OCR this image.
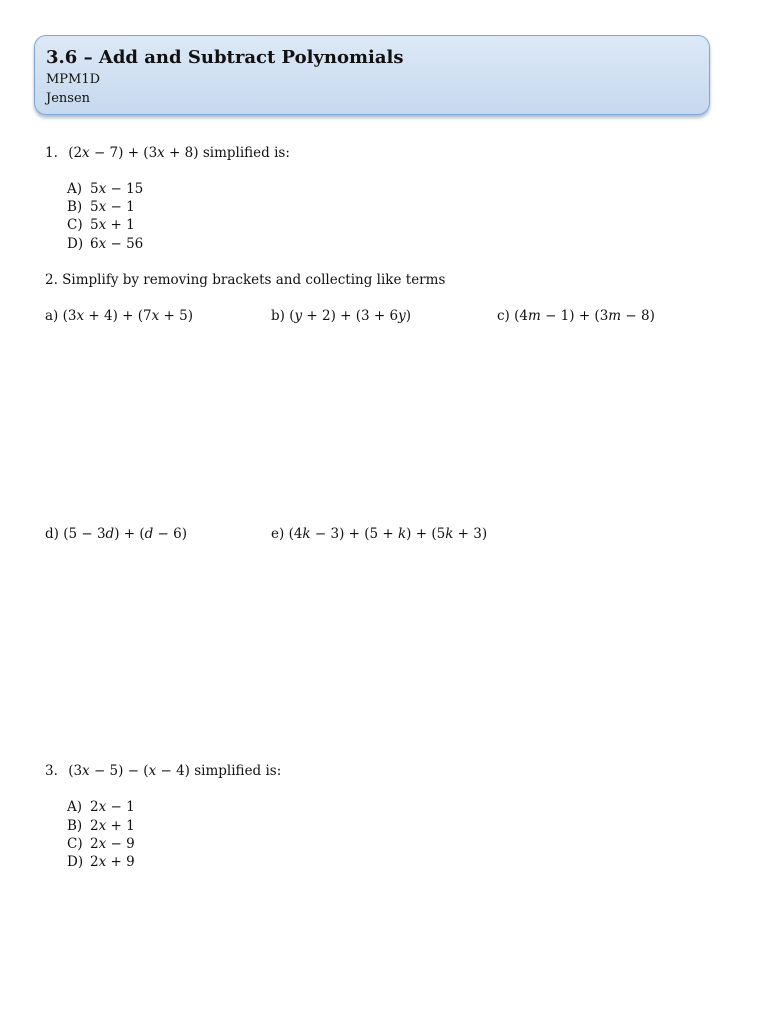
3.6 – Add and Subtract Polynomials
MPM1D
Jensen
1. (2𝑥 − 7) + (3𝑥 + 8) simplified is:
A) 5𝑥 − 15
B) 5𝑥 − 1
C) 5𝑥 + 1
D) 6𝑥 − 56
2. Simplify by removing brackets and collecting like terms
a) (3𝑥 + 4) + (7𝑥 + 5)	b) (𝑦 + 2) + (3 + 6𝑦)	c) (4𝑚 − 1) + (3𝑚 − 8)
d) (5 − 3𝑑) + (𝑑 − 6)	e) (4𝑘 − 3) + (5 + 𝑘) + (5𝑘 + 3)
3. (3𝑥 − 5) − (𝑥 − 4) simplified is:
A) 2𝑥 − 1
B) 2𝑥 + 1
C) 2𝑥 − 9
D) 2𝑥 + 9
